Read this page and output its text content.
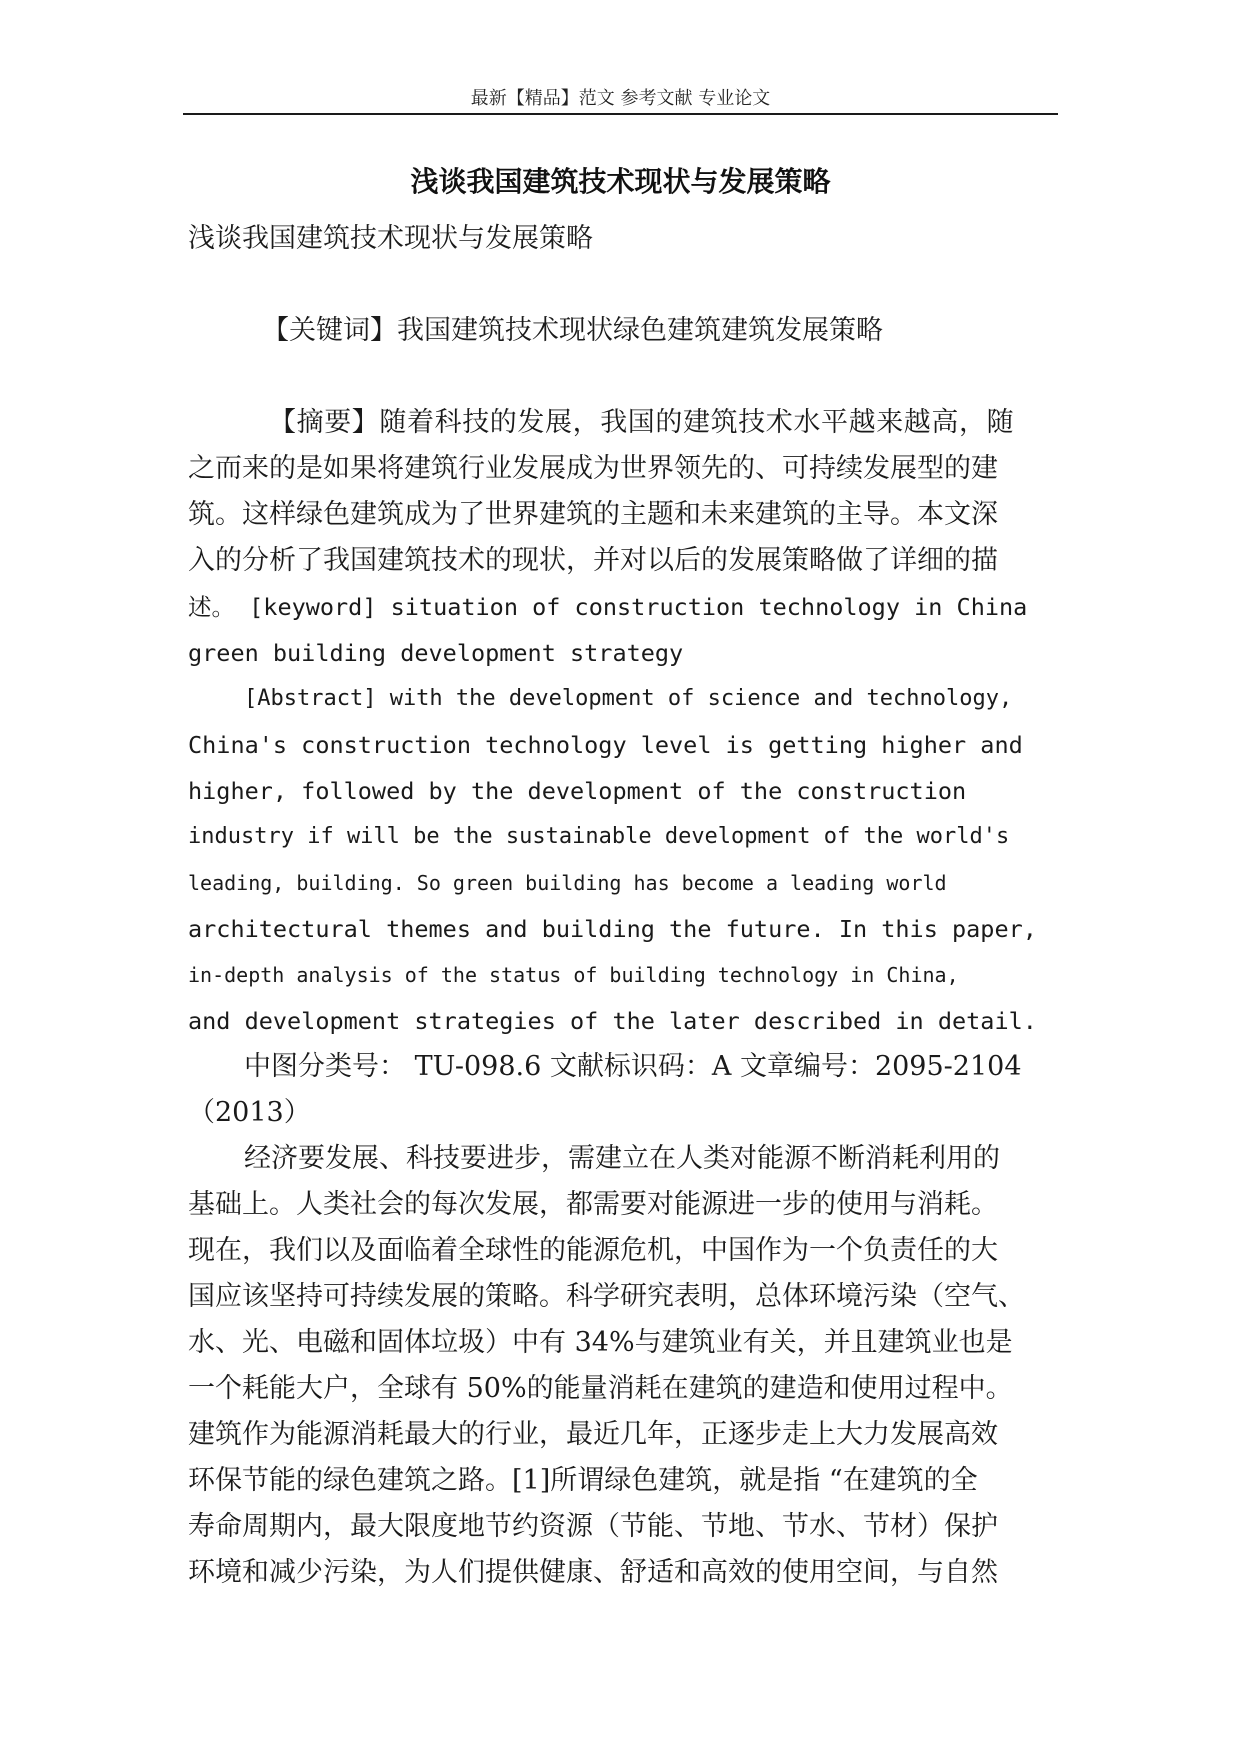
最新【精品】范文 参考文献 专业论文
浅谈我国建筑技术现状与发展策略
浅谈我国建筑技术现状与发展策略
【关键词】我国建筑技术现状绿色建筑建筑发展策略
【摘要】随着科技的发展，我国的建筑技术水平越来越高，随
之而来的是如果将建筑行业发展成为世界领先的、可持续发展型的建
筑。这样绿色建筑成为了世界建筑的主题和未来建筑的主导。本文深
入的分析了我国建筑技术的现状，并对以后的发展策略做了详细的描
述。 [keyword] situation of construction technology in China
green building development strategy
[Abstract] with the development of science and technology,
China's construction technology level is getting higher and
higher, followed by the development of the construction
industry if will be the sustainable development of the world's
leading, building. So green building has become a leading world
architectural themes and building the future. In this paper,
in-depth analysis of the status of building technology in China,
and development strategies of the later described in detail.
中图分类号： TU-098.6 文献标识码：A 文章编号：2095-2104
（2013）
经济要发展、科技要进步，需建立在人类对能源不断消耗利用的
基础上。人类社会的每次发展，都需要对能源进一步的使用与消耗。
现在，我们以及面临着全球性的能源危机，中国作为一个负责任的大
国应该坚持可持续发展的策略。科学研究表明，总体环境污染（空气、
水、光、电磁和固体垃圾）中有 34%与建筑业有关，并且建筑业也是
一个耗能大户，全球有 50%的能量消耗在建筑的建造和使用过程中。
建筑作为能源消耗最大的行业，最近几年，正逐步走上大力发展高效
环保节能的绿色建筑之路。[1]所谓绿色建筑，就是指 “在建筑的全
寿命周期内，最大限度地节约资源（节能、节地、节水、节材）保护
环境和减少污染，为人们提供健康、舒适和高效的使用空间，与自然
